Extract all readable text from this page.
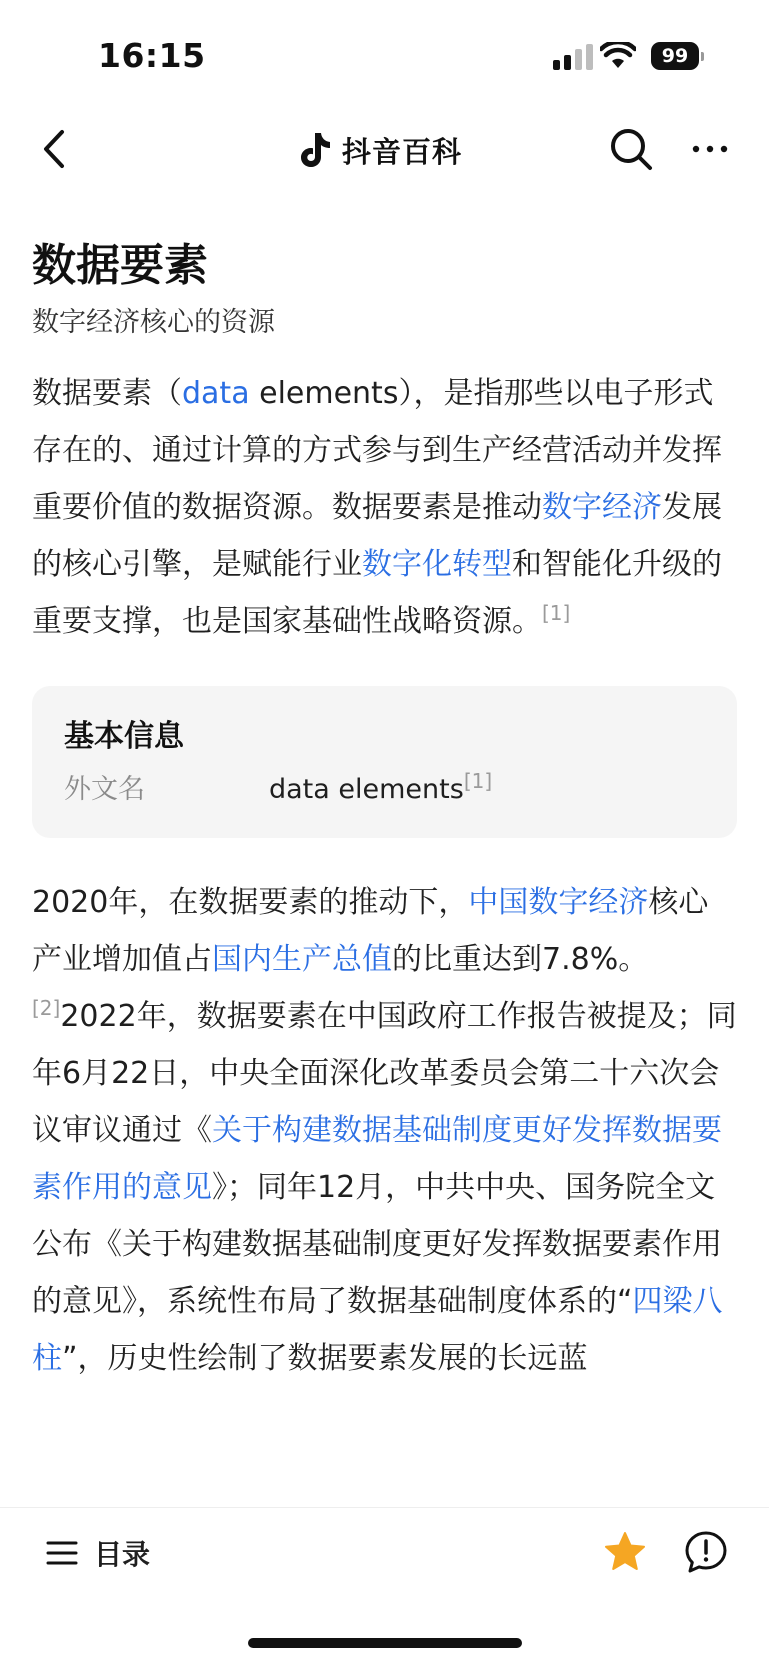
16:15	99
抖音百科
数据要素
数字经济核心的资源

数据要素（data elements），是指那些以电子形式存在的、通过计算的方式参与到生产经营活动并发挥重要价值的数据资源。数据要素是推动数字经济发展的核心引擎，是赋能行业数字化转型和智能化升级的重要支撑，也是国家基础性战略资源。[1]

基本信息
外文名	data elements[1]

2020年，在数据要素的推动下，中国数字经济核心产业增加值占国内生产总值的比重达到7.8%。[2]2022年，数据要素在中国政府工作报告被提及；同年6月22日，中央全面深化改革委员会第二十六次会议审议通过《关于构建数据基础制度更好发挥数据要素作用的意见》；同年12月，中共中央、国务院全文公布《关于构建数据基础制度更好发挥数据要素作用的意见》，系统性布局了数据基础制度体系的“四梁八柱”，历史性绘制了数据要素发展的长远蓝

目录
